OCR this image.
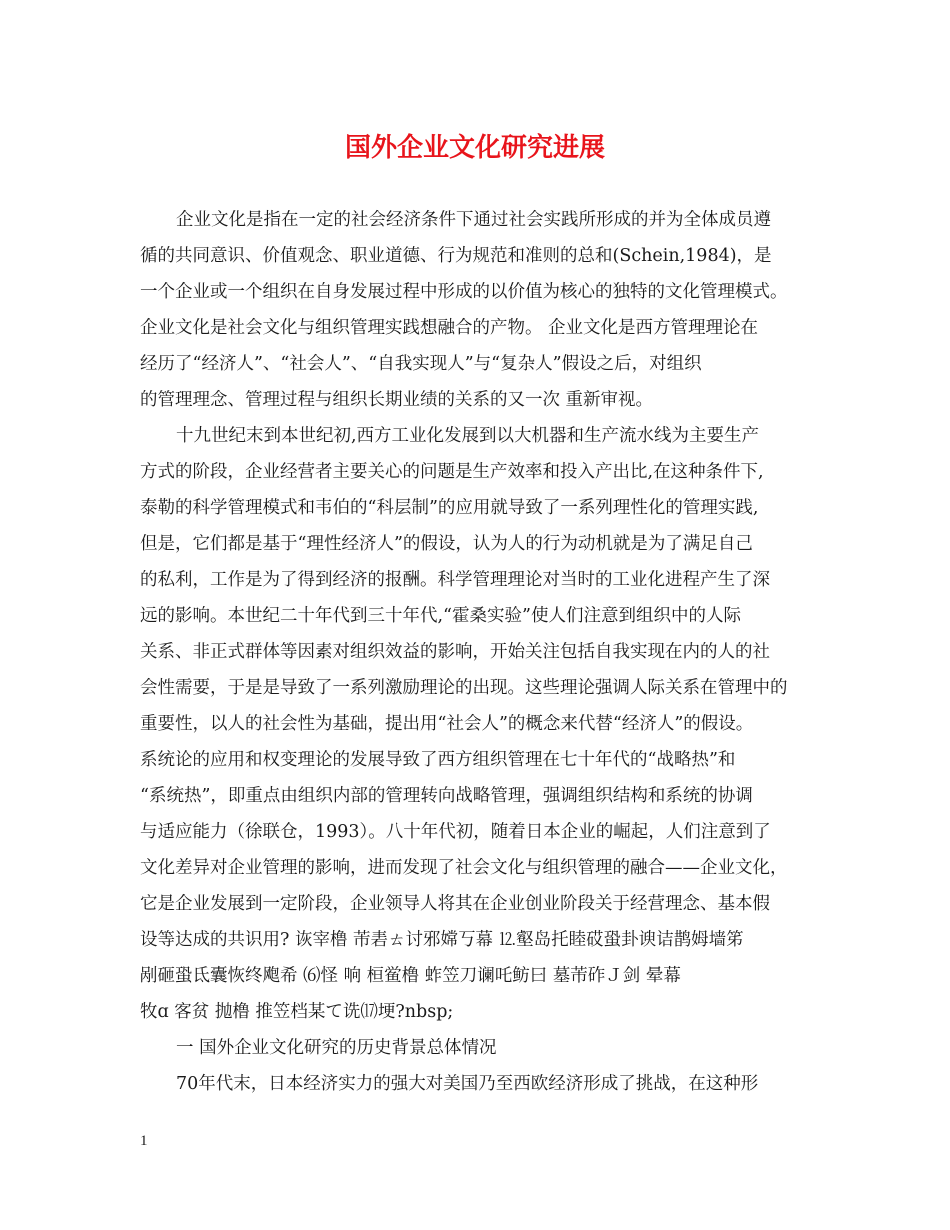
国外企业文化研究进展

企业文化是指在一定的社会经济条件下通过社会实践所形成的并为全体成员遵

循的共同意识、价值观念、职业道德、行为规范和准则的总和(Schein,1984)，是

一个企业或一个组织在自身发展过程中形成的以价值为核心的独特的文化管理模式。

企业文化是社会文化与组织管理实践想融合的产物。 企业文化是西方管理理论在

经历了“经济人”、“社会人”、“自我实现人”与“复杂人”假设之后，对组织

的管理理念、管理过程与组织长期业绩的关系的又一次 重新审视。

十九世纪末到本世纪初,西方工业化发展到以大机器和生产流水线为主要生产

方式的阶段，企业经营者主要关心的问题是生产效率和投入产出比,在这种条件下,

泰勒的科学管理模式和韦伯的“科层制”的应用就导致了一系列理性化的管理实践,

但是，它们都是基于“理性经济人”的假设，认为人的行为动机就是为了满足自己

的私利，工作是为了得到经济的报酬。科学管理理论对当时的工业化进程产生了深

远的影响。本世纪二十年代到三十年代,“霍桑实验”使人们注意到组织中的人际

关系、非正式群体等因素对组织效益的影响，开始关注包括自我实现在内的人的社

会性需要，于是是导致了一系列激励理论的出现。这些理论强调人际关系在管理中的

重要性，以人的社会性为基础，提出用“社会人”的概念来代替“经济人”的假设。

系统论的应用和权变理论的发展导致了西方组织管理在七十年代的“战略热”和

“系统热”，即重点由组织内部的管理转向战略管理，强调组织结构和系统的协调

与适应能力（徐联仓，1993）。八十年代初，随着日本企业的崛起，人们注意到了

文化差异对企业管理的影响，进而发现了社会文化与组织管理的融合——企业文化，

它是企业发展到一定阶段，企业领导人将其在企业创业阶段关于经营理念、基本假

设等达成的共识用? 诙宰橹 芾砉ㄊ讨邪嫦丂幕 ⒓壑岛托睦砹蛩卦谀诘鹊姆墙笫

剐砸蛩氐囊恢终飑希 ⑹怪 响 桓鲎橹 蚱笠刀谰吒鲂曰 墓芾砟Ｊ剑 晕幕

牧ɑ 客贫 抛橹 推笠档某て诜⒄埂?nbsp;

一 国外企业文化研究的历史背景总体情况

70年代末，日本经济实力的强大对美国乃至西欧经济形成了挑战，在这种形

1
